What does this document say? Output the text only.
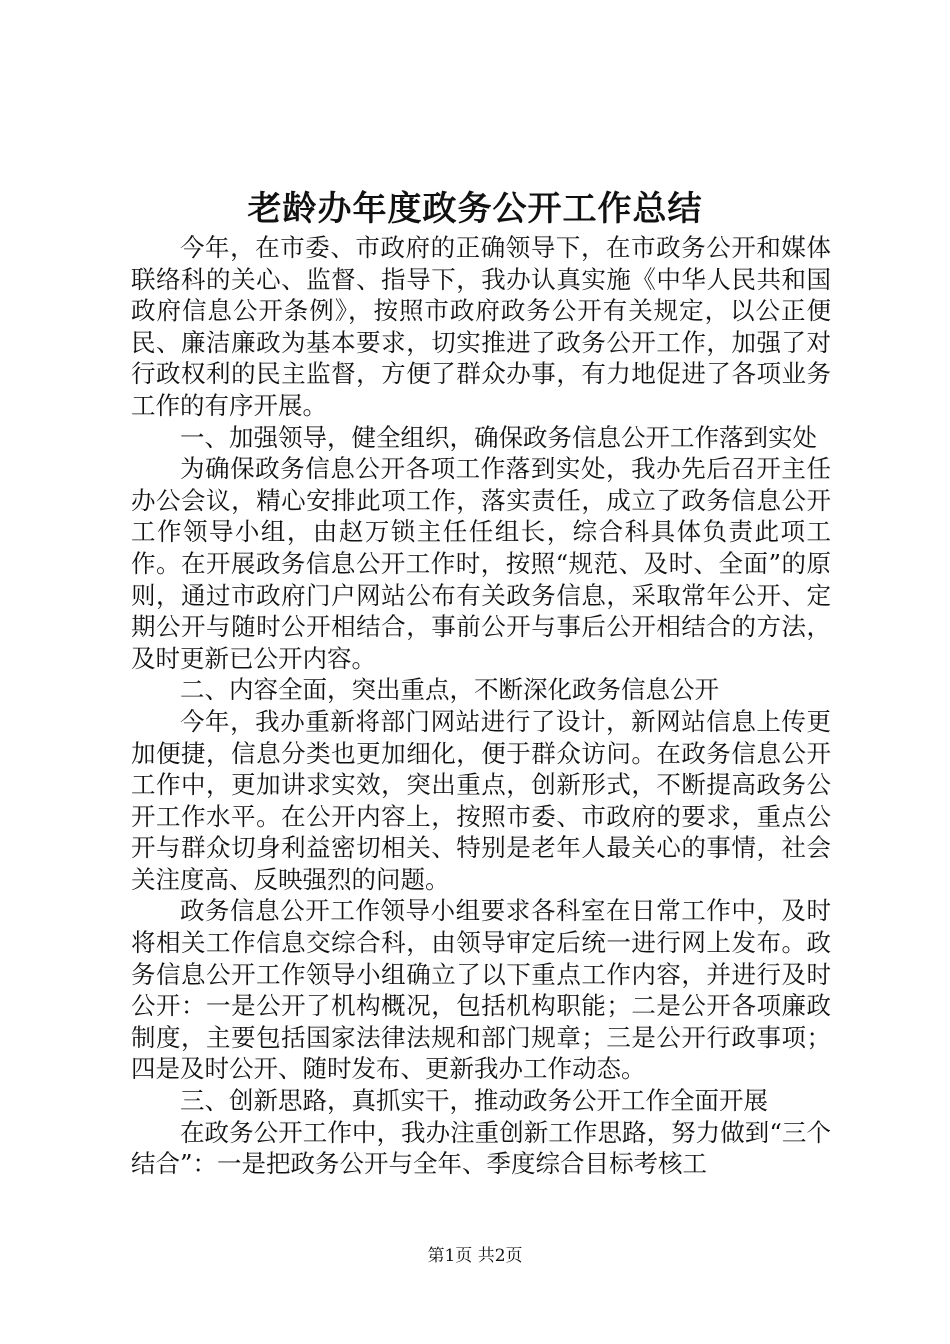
老龄办年度政务公开工作总结

今年，在市委、市政府的正确领导下，在市政务公开和媒体联络科的关心、监督、指导下，我办认真实施《中华人民共和国政府信息公开条例》，按照市政府政务公开有关规定，以公正便民、廉洁廉政为基本要求，切实推进了政务公开工作，加强了对行政权利的民主监督，方便了群众办事，有力地促进了各项业务工作的有序开展。

一、加强领导，健全组织，确保政务信息公开工作落到实处

为确保政务信息公开各项工作落到实处，我办先后召开主任办公会议，精心安排此项工作，落实责任，成立了政务信息公开工作领导小组，由赵万锁主任任组长，综合科具体负责此项工作。在开展政务信息公开工作时，按照“规范、及时、全面”的原则，通过市政府门户网站公布有关政务信息，采取常年公开、定期公开与随时公开相结合，事前公开与事后公开相结合的方法，及时更新已公开内容。

二、内容全面，突出重点，不断深化政务信息公开

今年，我办重新将部门网站进行了设计，新网站信息上传更加便捷，信息分类也更加细化，便于群众访问。在政务信息公开工作中，更加讲求实效，突出重点，创新形式，不断提高政务公开工作水平。在公开内容上，按照市委、市政府的要求，重点公开与群众切身利益密切相关、特别是老年人最关心的事情，社会关注度高、反映强烈的问题。

政务信息公开工作领导小组要求各科室在日常工作中，及时将相关工作信息交综合科，由领导审定后统一进行网上发布。政务信息公开工作领导小组确立了以下重点工作内容，并进行及时公开：一是公开了机构概况，包括机构职能；二是公开各项廉政制度，主要包括国家法律法规和部门规章；三是公开行政事项；四是及时公开、随时发布、更新我办工作动态。

三、创新思路，真抓实干，推动政务公开工作全面开展

在政务公开工作中，我办注重创新工作思路，努力做到“三个结合”：一是把政务公开与全年、季度综合目标考核工

第1页 共2页
